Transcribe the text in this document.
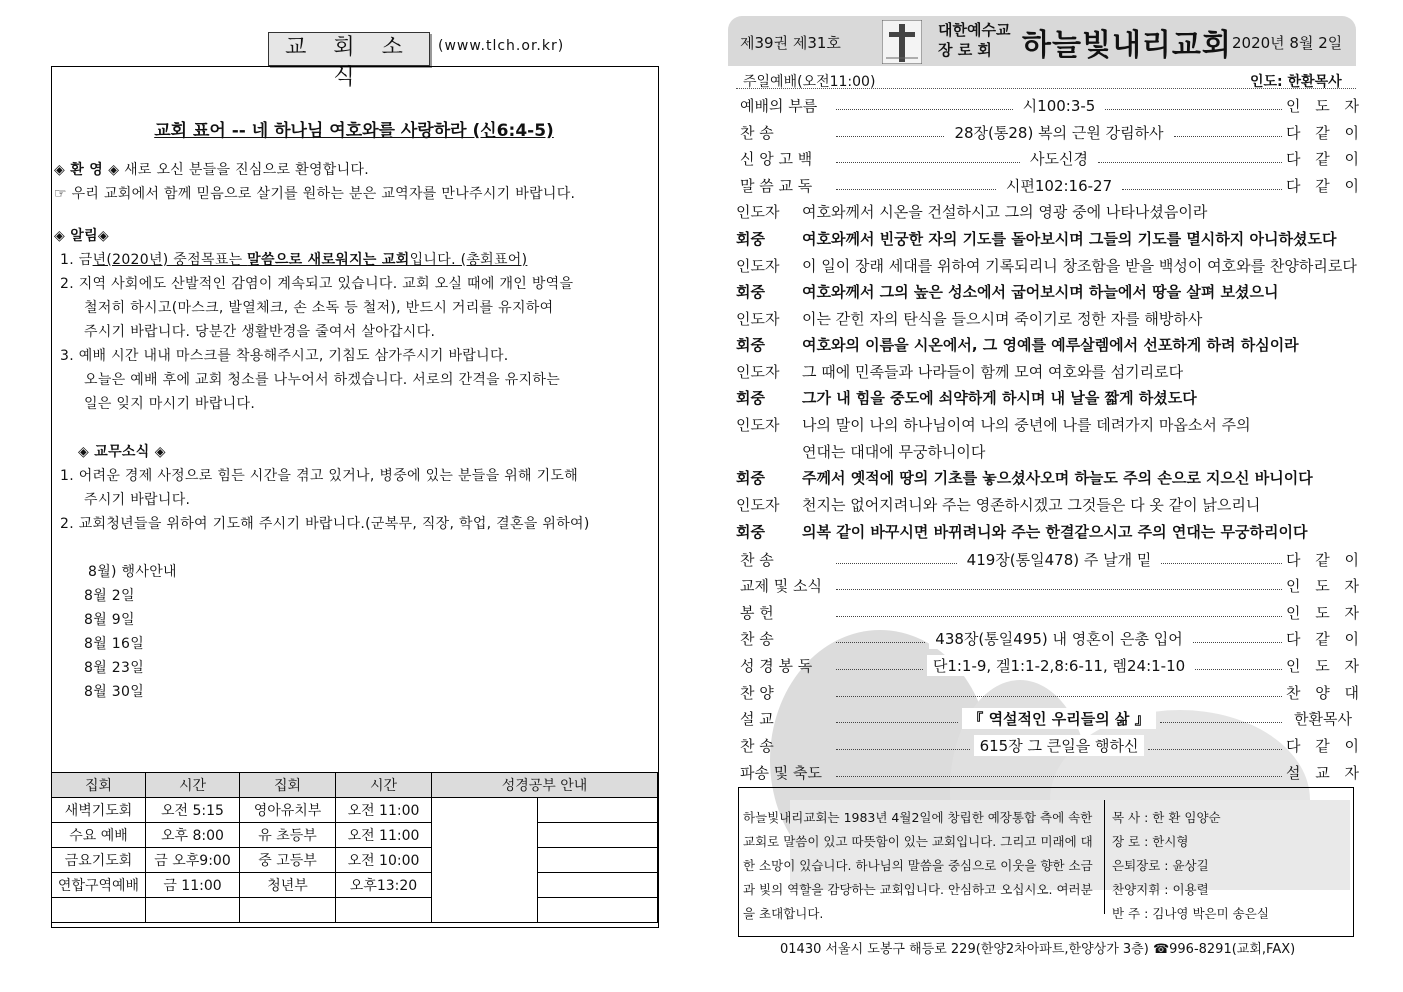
교 회 소 식
(www.tlch.or.kr)
교회 표어 -- 네 하나님 여호와를 사랑하라 (신6:4-5)
◈ 환 영 ◈ 새로 오신 분들을 진심으로 환영합니다.
☞ 우리 교회에서 함께 믿음으로 살기를 원하는 분은 교역자를 만나주시기 바랍니다.
◈ 알림◈
1. 금년(2020년) 중점목표는 말씀으로 새로워지는 교회입니다. (총회표어)
2. 지역 사회에도 산발적인 감염이 계속되고 있습니다. 교회 오실 때에 개인 방역을
철저히 하시고(마스크, 발열체크, 손 소독 등 철저), 반드시 거리를 유지하여
주시기 바랍니다. 당분간 생활반경을 줄여서 살아갑시다.
3. 예배 시간 내내 마스크를 착용해주시고, 기침도 삼가주시기 바랍니다.
오늘은 예배 후에 교회 청소를 나누어서 하겠습니다. 서로의 간격을 유지하는
일은 잊지 마시기 바랍니다.
◈ 교무소식 ◈
1. 어려운 경제 사정으로 힘든 시간을 겪고 있거나, 병중에 있는 분들을 위해 기도해
주시기 바랍니다.
2. 교회청년들을 위하여 기도해 주시기 바랍니다.(군복무, 직장, 학업, 결혼을 위하여)
8월) 행사안내
8월 2일
8월 9일
8월 16일
8월 23일
8월 30일
집회	시간	집회	시간	성경공부 안내	
새벽기도회	오전 5:15	영아유치부	오전 11:00		
수요 예배	오후 8:00	유 초등부	오전 11:00		
금요기도회	금 오후9:00	중 고등부	오전 10:00		
연합구역예배	금 11:00	청년부	오후13:20		

제39권 제31호
대한예수교
장 로 회	하늘빛내리교회 2020년 8월 2일
주일예배(오전11:00)	인도: 한환목사
예배의 부름	시100:3-5	인 도 자
찬 송	28장(통28) 복의 근원 강림하사	다 같 이
신 앙 고 백	사도신경	다 같 이
말 씀 교 독	시편102:16-27	다 같 이
인도자 여호와께서 시온을 건설하시고 그의 영광 중에 나타나셨음이라
회중 여호와께서 빈궁한 자의 기도를 돌아보시며 그들의 기도를 멸시하지 아니하셨도다
인도자 이 일이 장래 세대를 위하여 기록되리니 창조함을 받을 백성이 여호와를 찬양하리로다
회중 여호와께서 그의 높은 성소에서 굽어보시며 하늘에서 땅을 살펴 보셨으니
인도자 이는 갇힌 자의 탄식을 들으시며 죽이기로 정한 자를 해방하사
회중 여호와의 이름을 시온에서, 그 영예를 예루살렘에서 선포하게 하려 하심이라
인도자 그 때에 민족들과 나라들이 함께 모여 여호와를 섬기리로다
회중 그가 내 힘을 중도에 쇠약하게 하시며 내 날을 짧게 하셨도다
인도자 나의 말이 나의 하나님이여 나의 중년에 나를 데려가지 마옵소서 주의
연대는 대대에 무궁하니이다
회중 주께서 옛적에 땅의 기초를 놓으셨사오며 하늘도 주의 손으로 지으신 바니이다
인도자 천지는 없어지려니와 주는 영존하시겠고 그것들은 다 옷 같이 낡으리니
회중 의복 같이 바꾸시면 바뀌려니와 주는 한결같으시고 주의 연대는 무궁하리이다
찬 송	419장(통일478) 주 날개 밑	다 같 이
교제 및 소식	인 도 자
봉 헌	인 도 자
찬 송	438장(통일495) 내 영혼이 은총 입어	다 같 이
성 경 봉 독	단1:1-9, 겔1:1-2,8:6-11, 렘24:1-10	인 도 자
찬 양	찬 양 대
설 교	『 역설적인 우리들의 삶 』	한환목사
찬 송	615장 그 큰일을 행하신	다 같 이
파송 및 축도	설 교 자
하늘빛내리교회는 1983년 4월2일에 창립한 예장통합 측에 속한 교회로 말씀이 있고 따뜻함이 있는 교회입니다. 그리고 미래에 대한 소망이 있습니다. 하나님의 말씀을 중심으로 이웃을 향한 소금과 빛의 역할을 감당하는 교회입니다. 안심하고 오십시오. 여러분을 초대합니다.
목 사 : 한 환 임양순
장 로 : 한시형
은퇴장로 : 윤상길
찬양지휘 : 이용렬
반 주 : 김나영 박은미 송은실
01430 서울시 도봉구 해등로 229(한양2차아파트,한양상가 3층) ☎996-8291(교회,FAX)
